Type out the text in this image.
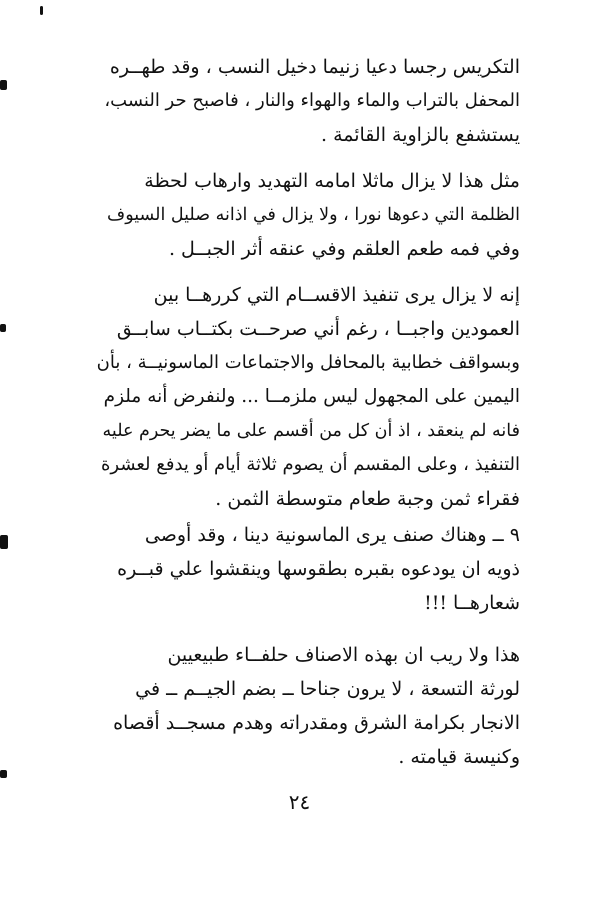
التكريس رجسا دعيا زنيما دخيل النسب ، وقد طهــره
المحفل بالتراب والماء والهواء والنار ، فاصبح حر النسب،
يستشفع بالزاوية القائمة .
مثل هذا لا يزال ماثلا امامه التهديد وارهاب لحظة
الظلمة التي دعوها نورا ، ولا يزال في اذانه صليل السيوف
وفي فمه طعم العلقم وفي عنقه أثر الجبــل .
إنه لا يزال يرى تنفيذ الاقســام التي كررهــا بين
العمودين واجبــا ، رغم أني صرحــت بكتــاب سابــق
وبسواقف خطابية بالمحافل والاجتماعات الماسونيــة ، بأن
اليمين على المجهول ليس ملزمــا ... ولنفرض أنه ملزم
فانه لم ينعقد ، اذ أن كل من أقسم على ما يضر يحرم عليه
التنفيذ ، وعلى المقسم أن يصوم ثلاثة أيام أو يدفع لعشرة
فقراء ثمن وجبة طعام متوسطة الثمن .
٩ ــ وهناك صنف يرى الماسونية دينا ، وقد أوصى
ذويه ان يودعوه بقبره بطقوسها وينقشوا علي قبــره
شعارهــا !!!
هذا ولا ريب ان بهذه الاصناف حلفــاء طبيعيين
لورثة التسعة ، لا يرون جناحا ــ بضم الجيــم ــ في
الانجار بكرامة الشرق ومقدراته وهدم مسجــد أقصاه
وكنيسة قيامته .
٢٤
